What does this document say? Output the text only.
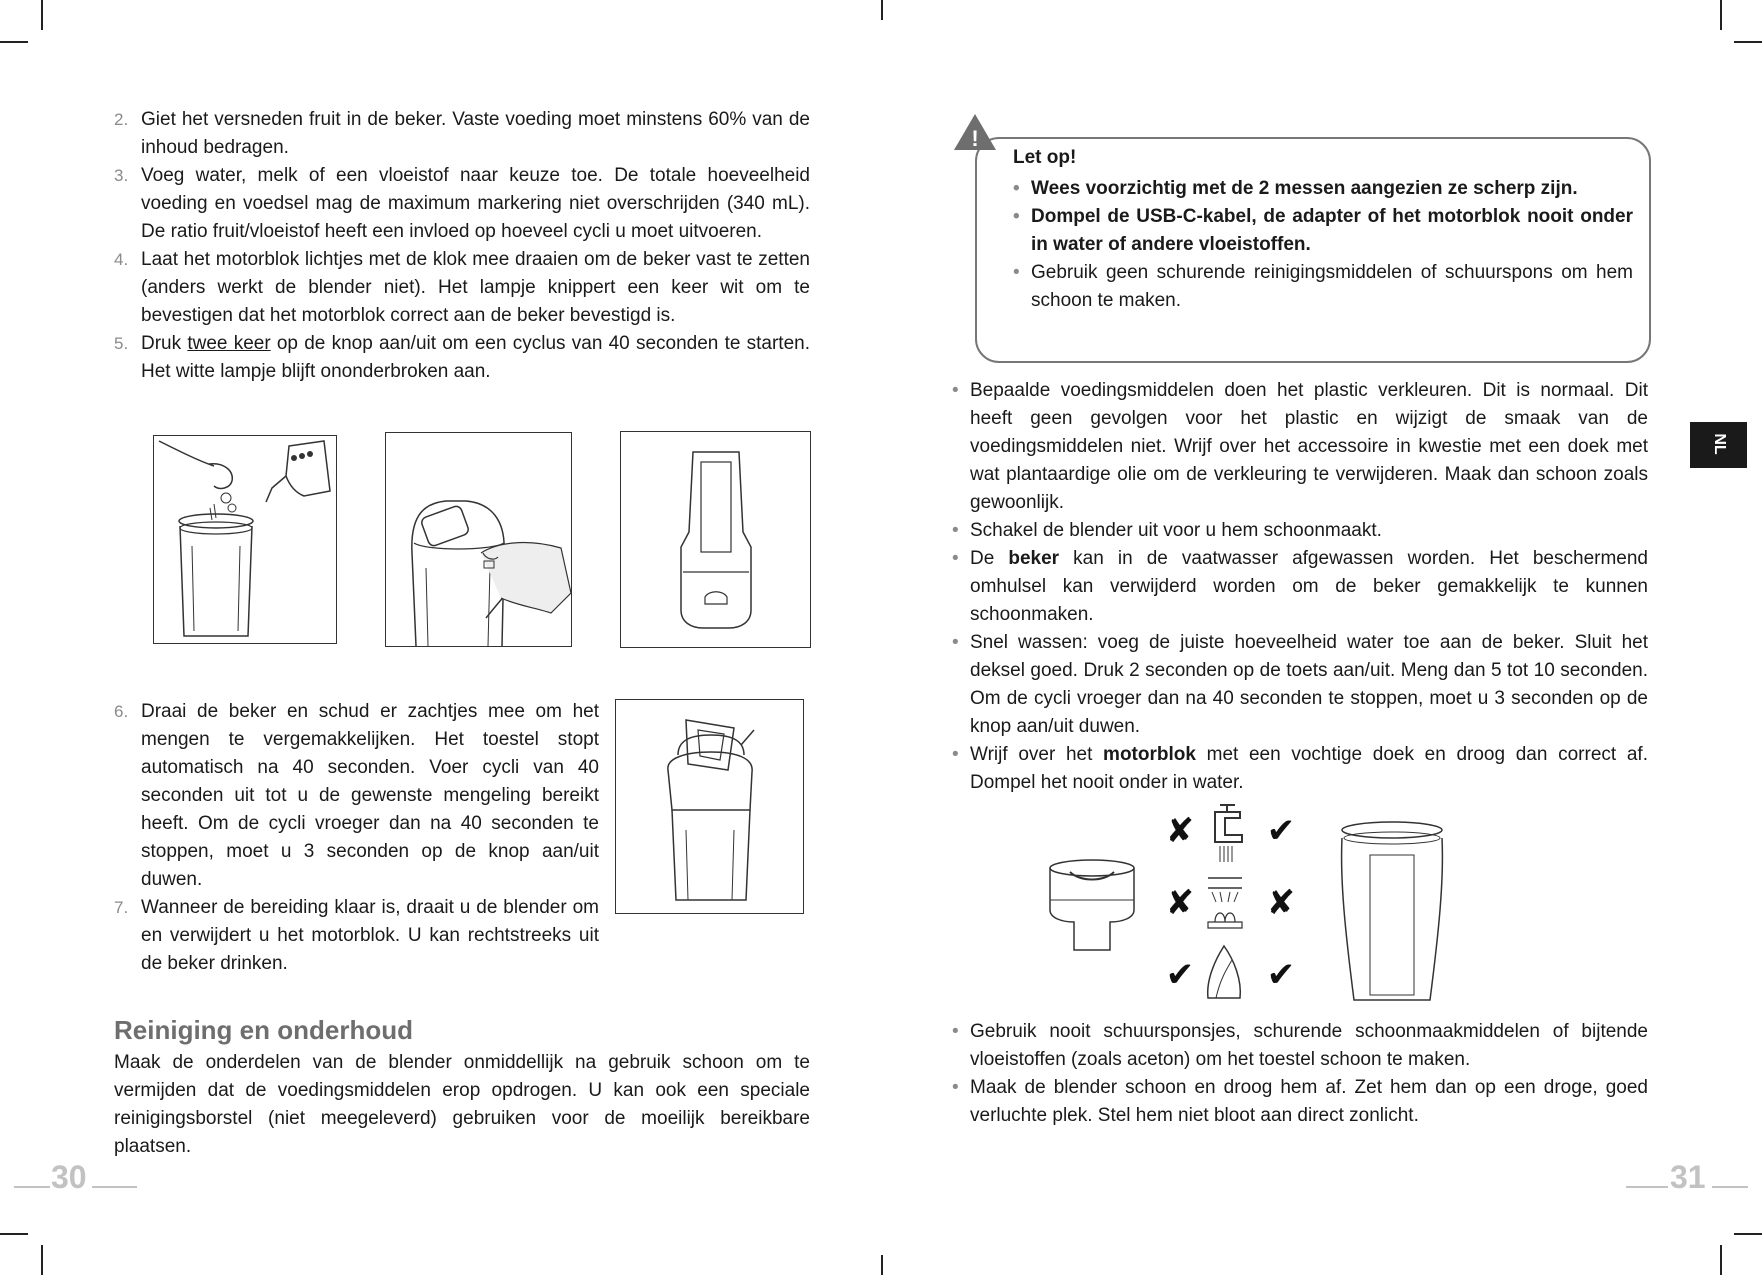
2. Giet het versneden fruit in de beker. Vaste voeding moet minstens 60% van de inhoud bedragen.
3. Voeg water, melk of een vloeistof naar keuze toe. De totale hoeveelheid voeding en voedsel mag de maximum markering niet overschrijden (340 mL). De ratio fruit/vloeistof heeft een invloed op hoeveel cycli u moet uitvoeren.
4. Laat het motorblok lichtjes met de klok mee draaien om de beker vast te zetten (anders werkt de blender niet). Het lampje knippert een keer wit om te bevestigen dat het motorblok correct aan de beker bevestigd is.
5. Druk twee keer op de knop aan/uit om een cyclus van 40 seconden te starten. Het witte lampje blijft ononderbroken aan.
6. Draai de beker en schud er zachtjes mee om het mengen te vergemakkelijken. Het toestel stopt automatisch na 40 seconden. Voer cycli van 40 seconden uit tot u de gewenste mengeling bereikt heeft. Om de cycli vroeger dan na 40 seconden te stoppen, moet u 3 seconden op de knop aan/uit duwen.
7. Wanneer de bereiding klaar is, draait u de blender om en verwijdert u het motorblok. U kan rechtstreeks uit de beker drinken.
Reiniging en onderhoud

Maak de onderdelen van de blender onmiddellijk na gebruik schoon om te vermijden dat de voedingsmiddelen erop opdrogen. U kan ook een speciale reinigingsborstel (niet meegeleverd) gebruiken voor de moeilijk bereikbare plaatsen.

30
!

Let op!

• Wees voorzichtig met de 2 messen aangezien ze scherp zijn.
• Dompel de USB-C-kabel, de adapter of het motorblok nooit onder in water of andere vloeistoffen.
• Gebruik geen schurende reinigingsmiddelen of schuurspons om hem schoon te maken.
• Bepaalde voedingsmiddelen doen het plastic verkleuren. Dit is normaal. Dit heeft geen gevolgen voor het plastic en wijzigt de smaak van de voedingsmiddelen niet. Wrijf over het accessoire in kwestie met een doek met wat plantaardige olie om de verkleuring te verwijderen. Maak dan schoon zoals gewoonlijk.
• Schakel de blender uit voor u hem schoonmaakt.
• De beker kan in de vaatwasser afgewassen worden. Het beschermend omhulsel kan verwijderd worden om de beker gemakkelijk te kunnen schoonmaken.
• Snel wassen: voeg de juiste hoeveelheid water toe aan de beker. Sluit het deksel goed. Druk 2 seconden op de toets aan/uit. Meng dan 5 tot 10 seconden. Om de cycli vroeger dan na 40 seconden te stoppen, moet u 3 seconden op de knop aan/uit duwen.
• Wrijf over het motorblok met een vochtige doek en droog dan correct af. Dompel het nooit onder in water.
✘ ✔
✘ ✘
✔ ✔
• Gebruik nooit schuursponsjes, schurende schoonmaakmiddelen of bijtende vloeistoffen (zoals aceton) om het toestel schoon te maken.
• Maak de blender schoon en droog hem af. Zet hem dan op een droge, goed verluchte plek. Stel hem niet bloot aan direct zonlicht.
NL
31
